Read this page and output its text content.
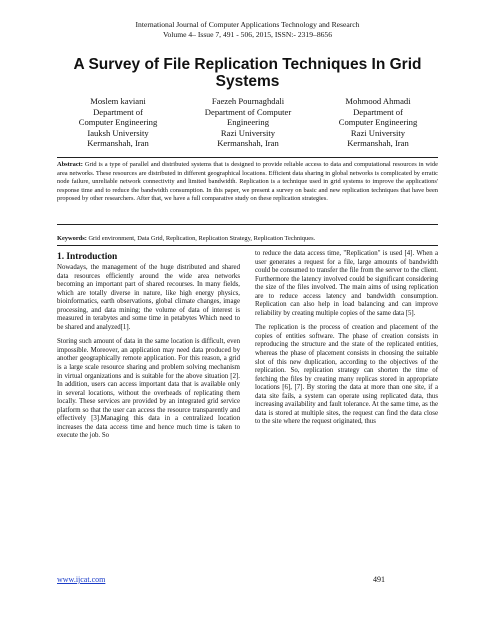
International Journal of Computer Applications Technology and Research
Volume 4– Issue 7, 491 - 506, 2015, ISSN:- 2319–8656
A Survey of File Replication Techniques In Grid Systems
Moslem kaviani
Department of
Computer Engineering
Iauksh University
Kermanshah, Iran
Faezeh Pournaghdali
Department of Computer
Engineering
Razi University
Kermanshah, Iran
Mohmood Ahmadi
Department of
Computer Engineering
Razi University
Kermanshah, Iran

Abstract: Grid is a type of parallel and distributed systems that is designed to provide reliable access to data and computational resources in wide area networks. These resources are distributed in different geographical locations. Efficient data sharing in global networks is complicated by erratic node failure, unreliable network connectivity and limited bandwidth. Replication is a technique used in grid systems to improve the applications' response time and to reduce the bandwidth consumption. In this paper, we present a survey on basic and new replication techniques that have been proposed by other researchers. After that, we have a full comparative study on these replication strategies.

Keywords: Grid environment, Data Grid, Replication, Replication Strategy, Replication Techniques.

1. Introduction

Nowadays, the management of the huge distributed and shared data resources efficiently around the wide area networks becoming an important part of shared recourses. In many fields, which are totally diverse in nature, like high energy physics, bioinformatics, earth observations, global climate changes, image processing, and data mining; the volume of data of interest is measured in terabytes and some time in petabytes Which need to be shared and analyzed[1].

Storing such amount of data in the same location is difficult, even impossible. Moreover, an application may need data produced by another geographically remote application. For this reason, a grid is a large scale resource sharing and problem solving mechanism in virtual organizations and is suitable for the above situation [2]. In addition, users can access important data that is available only in several locations, without the overheads of replicating them locally. These services are provided by an integrated grid service platform so that the user can access the resource transparently and effectively [3].Managing this data in a centralized location increases the data access time and hence much time is taken to execute the job. So

to reduce the data access time, "Replication" is used [4]. When a user generates a request for a file, large amounts of bandwidth could be consumed to transfer the file from the server to the client. Furthermore the latency involved could be significant considering the size of the files involved. The main aims of using replication are to reduce access latency and bandwidth consumption. Replication can also help in load balancing and can improve reliability by creating multiple copies of the same data [5].

The replication is the process of creation and placement of the copies of entities software. The phase of creation consists in reproducing the structure and the state of the replicated entities, whereas the phase of placement consists in choosing the suitable slot of this new duplication, according to the objectives of the replication. So, replication strategy can shorten the time of fetching the files by creating many replicas stored in appropriate locations [6], [7]. By storing the data at more than one site, if a data site fails, a system can operate using replicated data, thus increasing availability and fault tolerance. At the same time, as the data is stored at multiple sites, the request can find the data close to the site where the request originated, thus

www.ijcat.com	491
